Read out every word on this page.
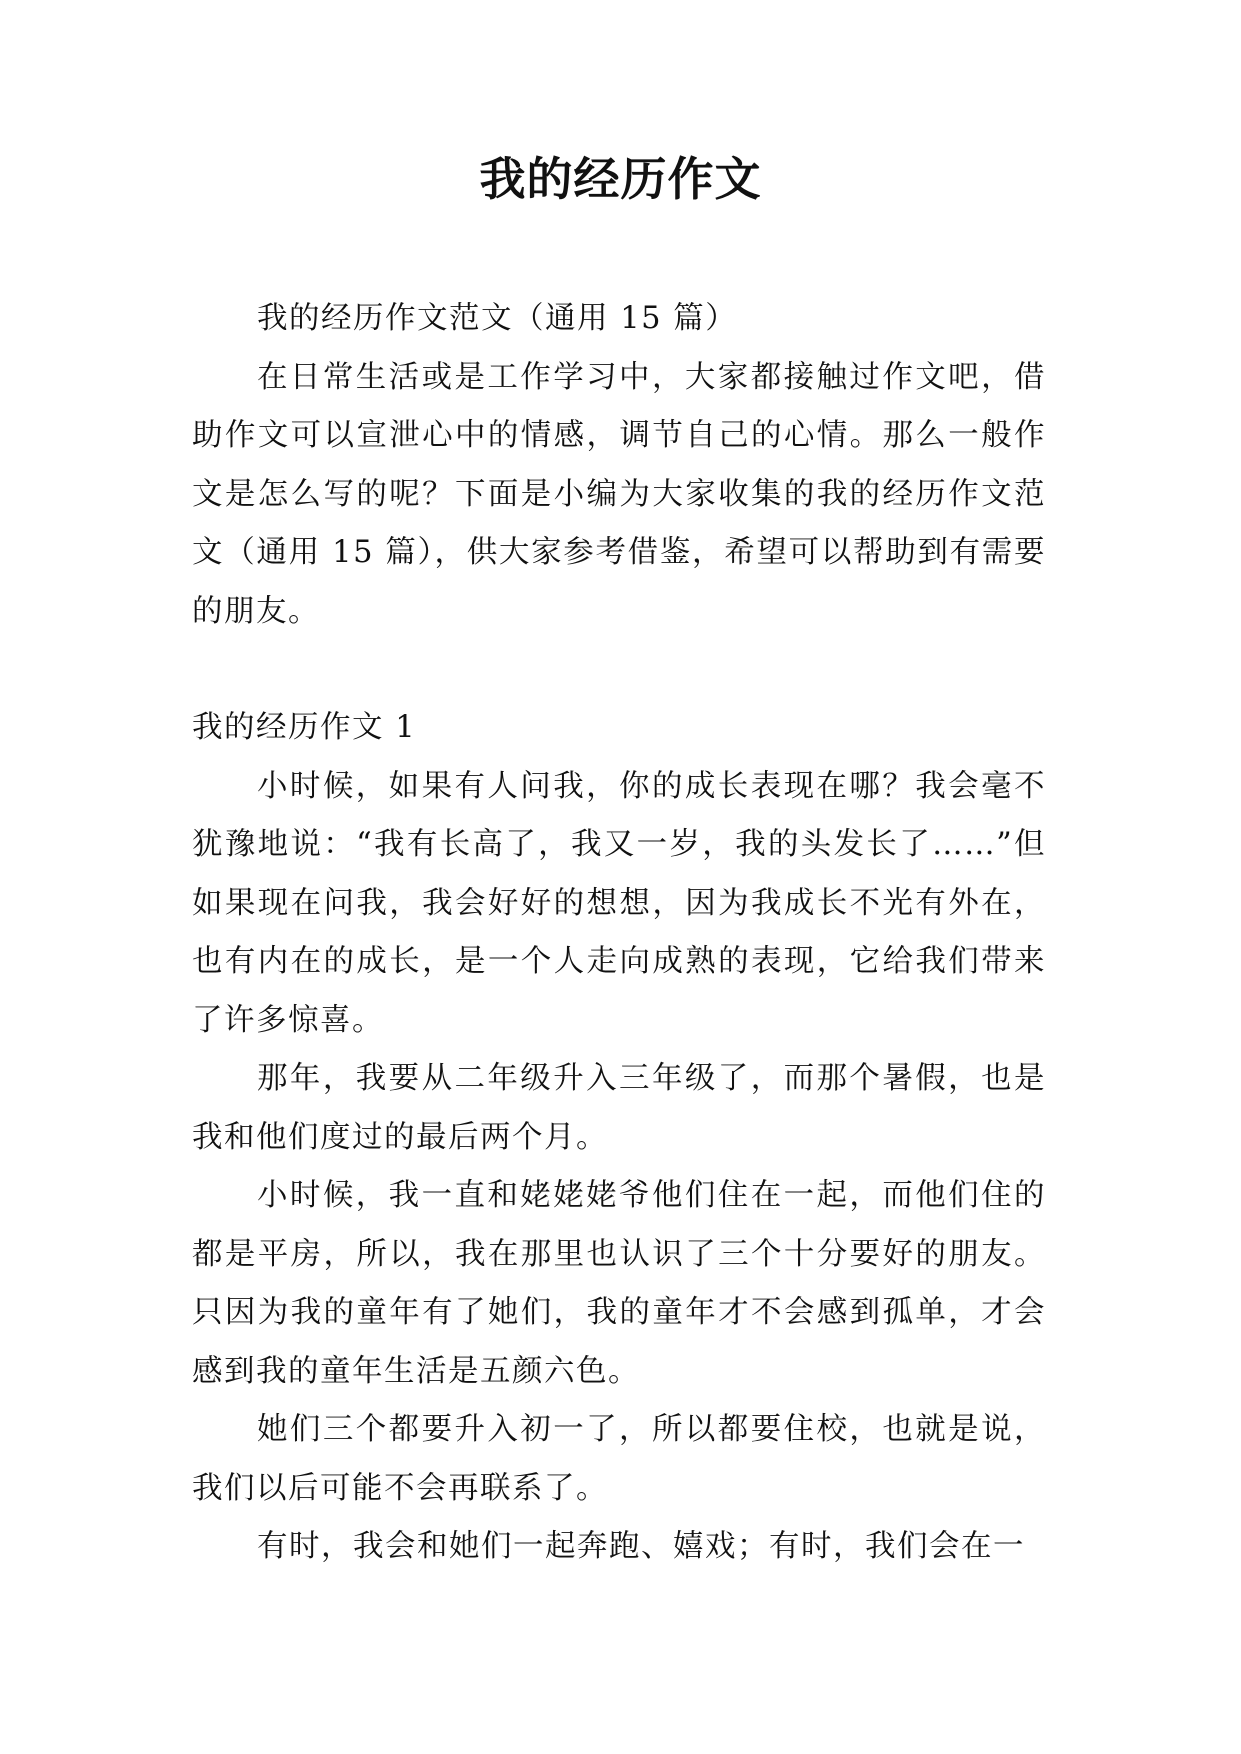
我的经历作文

我的经历作文范文（通用 15 篇）

在日常生活或是工作学习中，大家都接触过作文吧，借助作文可以宣泄心中的情感，调节自己的心情。那么一般作文是怎么写的呢？下面是小编为大家收集的我的经历作文范文（通用 15 篇），供大家参考借鉴，希望可以帮助到有需要的朋友。

我的经历作文 1

小时候，如果有人问我，你的成长表现在哪？我会毫不犹豫地说：“我有长高了，我又一岁，我的头发长了……”但如果现在问我，我会好好的想想，因为我成长不光有外在，也有内在的成长，是一个人走向成熟的表现，它给我们带来了许多惊喜。

那年，我要从二年级升入三年级了，而那个暑假，也是我和他们度过的最后两个月。

小时候，我一直和姥姥姥爷他们住在一起，而他们住的都是平房，所以，我在那里也认识了三个十分要好的朋友。只因为我的童年有了她们，我的童年才不会感到孤单，才会感到我的童年生活是五颜六色。

她们三个都要升入初一了，所以都要住校，也就是说，我们以后可能不会再联系了。

有时，我会和她们一起奔跑、嬉戏；有时，我们会在一
